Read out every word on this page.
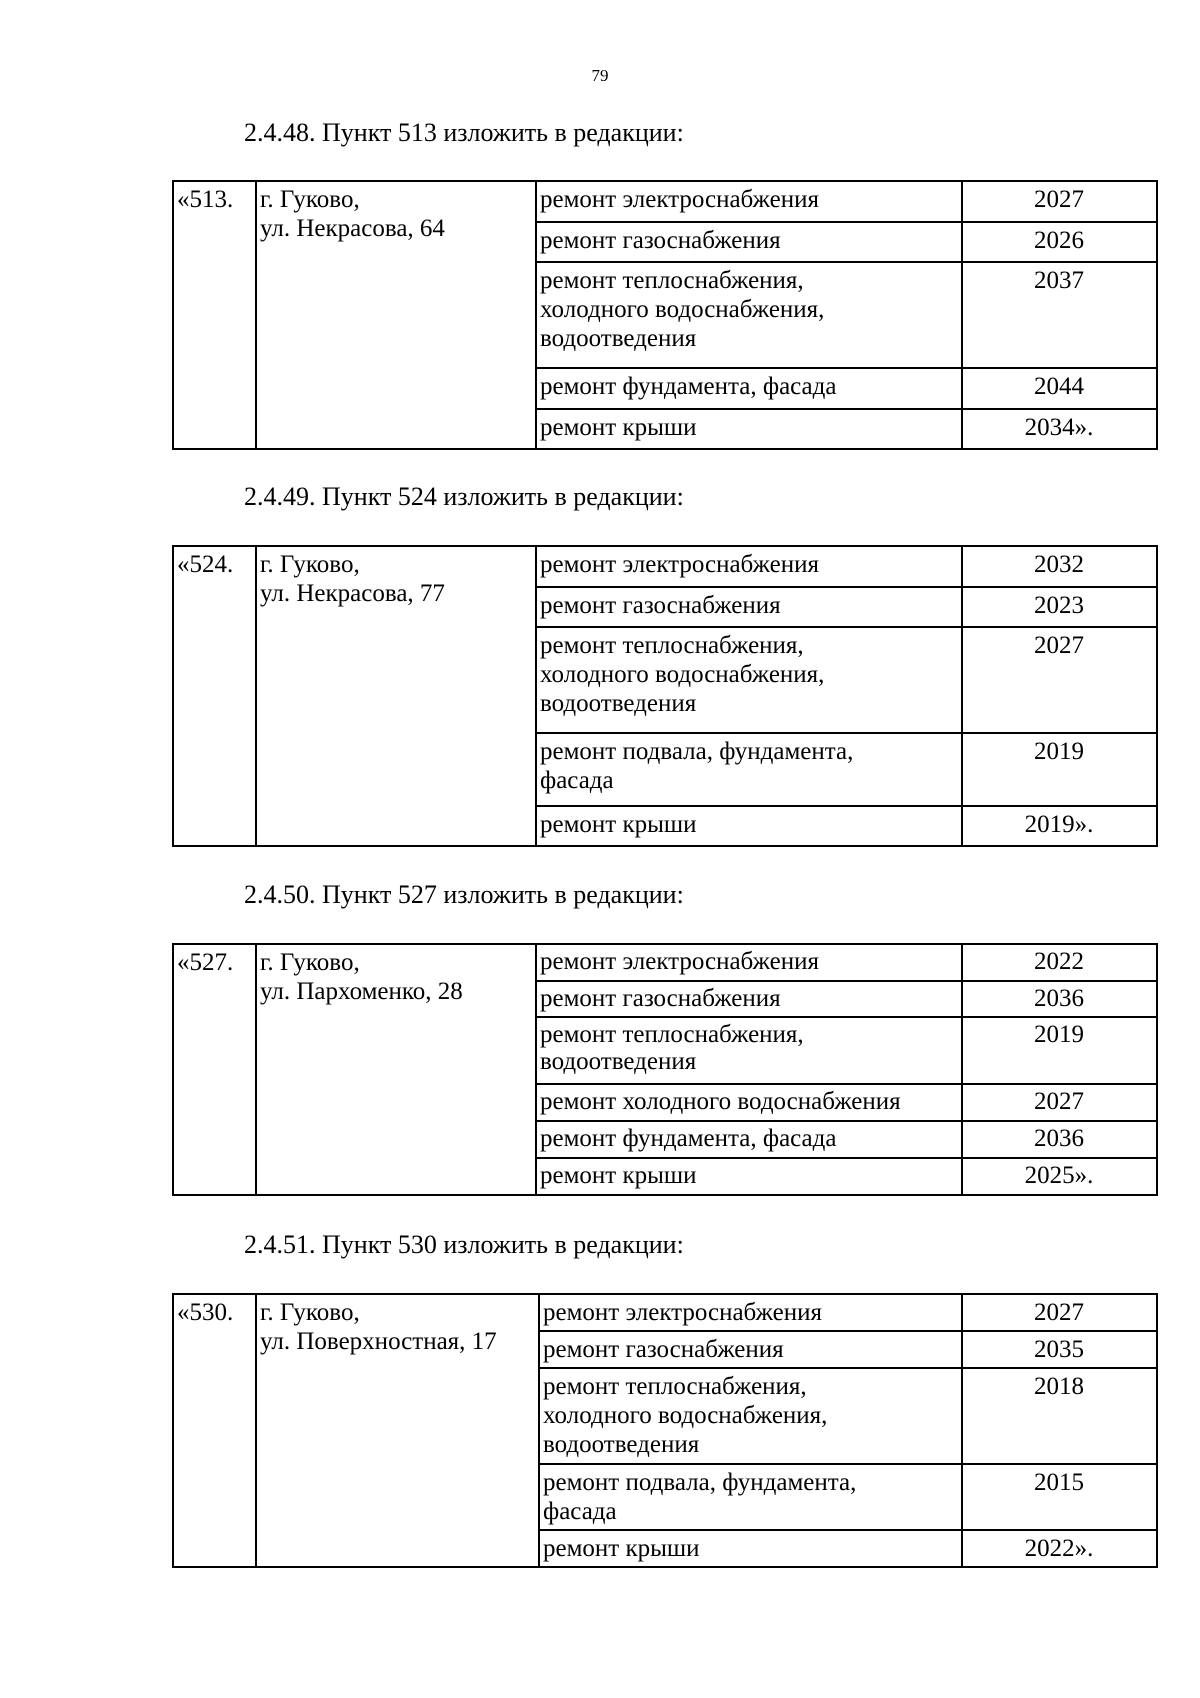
79
2.4.48. Пункт 513 изложить в редакции:
«513.	г. Гуково,
ул. Некрасова, 64	ремонт электроснабжения	2027

		ремонт газоснабжения	2026

		ремонт теплоснабжения,
холодного водоснабжения,
водоотведения	2037

		ремонт фундамента, фасада	2044

		ремонт крыши	2034».
2.4.49. Пункт 524 изложить в редакции:
«524.	г. Гуково,
ул. Некрасова, 77	ремонт электроснабжения	2032

		ремонт газоснабжения	2023

		ремонт теплоснабжения,
холодного водоснабжения,
водоотведения	2027

		ремонт подвала, фундамента,
фасада	2019

		ремонт крыши	2019».
2.4.50. Пункт 527 изложить в редакции:
«527.	г. Гуково,
ул. Пархоменко, 28	ремонт электроснабжения	2022

		ремонт газоснабжения	2036

		ремонт теплоснабжения,
водоотведения	2019

		ремонт холодного водоснабжения	2027

		ремонт фундамента, фасада	2036

		ремонт крыши	2025».
2.4.51. Пункт 530 изложить в редакции:
«530.	г. Гуково,
ул. Поверхностная, 17	ремонт электроснабжения	2027

		ремонт газоснабжения	2035

		ремонт теплоснабжения,
холодного водоснабжения,
водоотведения	2018

		ремонт подвала, фундамента,
фасада	2015

		ремонт крыши	2022».
